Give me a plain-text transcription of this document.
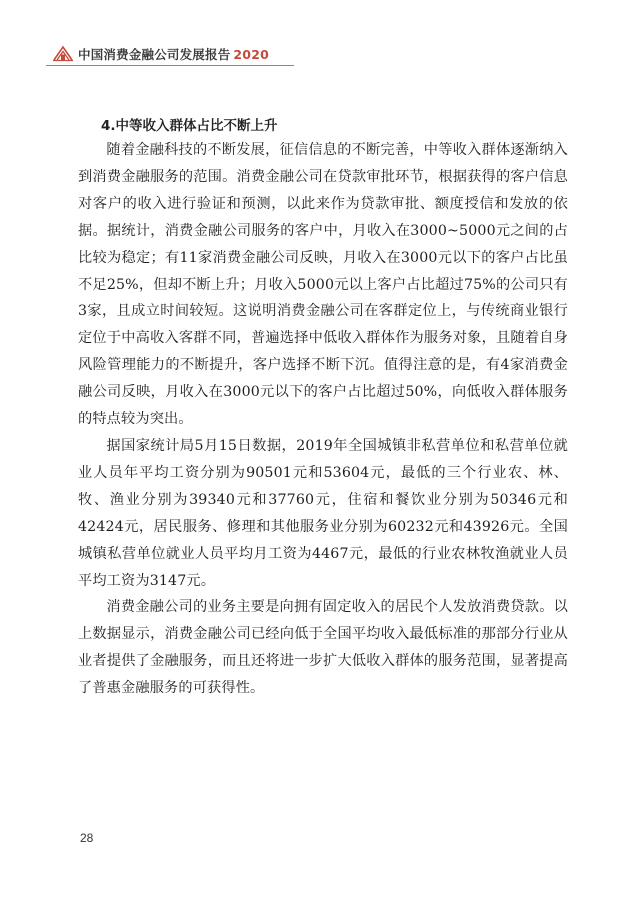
中国消费金融公司发展报告 2020
4.中等收入群体占比不断上升

随着金融科技的不断发展，征信信息的不断完善，中等收入群体逐渐纳入到消费金融服务的范围。消费金融公司在贷款审批环节，根据获得的客户信息对客户的收入进行验证和预测，以此来作为贷款审批、额度授信和发放的依据。据统计，消费金融公司服务的客户中，月收入在3000~5000元之间的占比较为稳定；有11家消费金融公司反映，月收入在3000元以下的客户占比虽不足25%，但却不断上升；月收入5000元以上客户占比超过75%的公司只有3家，且成立时间较短。这说明消费金融公司在客群定位上，与传统商业银行定位于中高收入客群不同，普遍选择中低收入群体作为服务对象，且随着自身风险管理能力的不断提升，客户选择不断下沉。值得注意的是，有4家消费金融公司反映，月收入在3000元以下的客户占比超过50%，向低收入群体服务的特点较为突出。

据国家统计局5月15日数据，2019年全国城镇非私营单位和私营单位就业人员年平均工资分别为90501元和53604元，最低的三个行业农、林、牧、渔业分别为39340元和37760元，住宿和餐饮业分别为50346元和42424元，居民服务、修理和其他服务业分别为60232元和43926元。全国城镇私营单位就业人员平均月工资为4467元，最低的行业农林牧渔就业人员平均工资为3147元。

消费金融公司的业务主要是向拥有固定收入的居民个人发放消费贷款。以上数据显示，消费金融公司已经向低于全国平均收入最低标准的那部分行业从业者提供了金融服务，而且还将进一步扩大低收入群体的服务范围，显著提高了普惠金融服务的可获得性。

28
